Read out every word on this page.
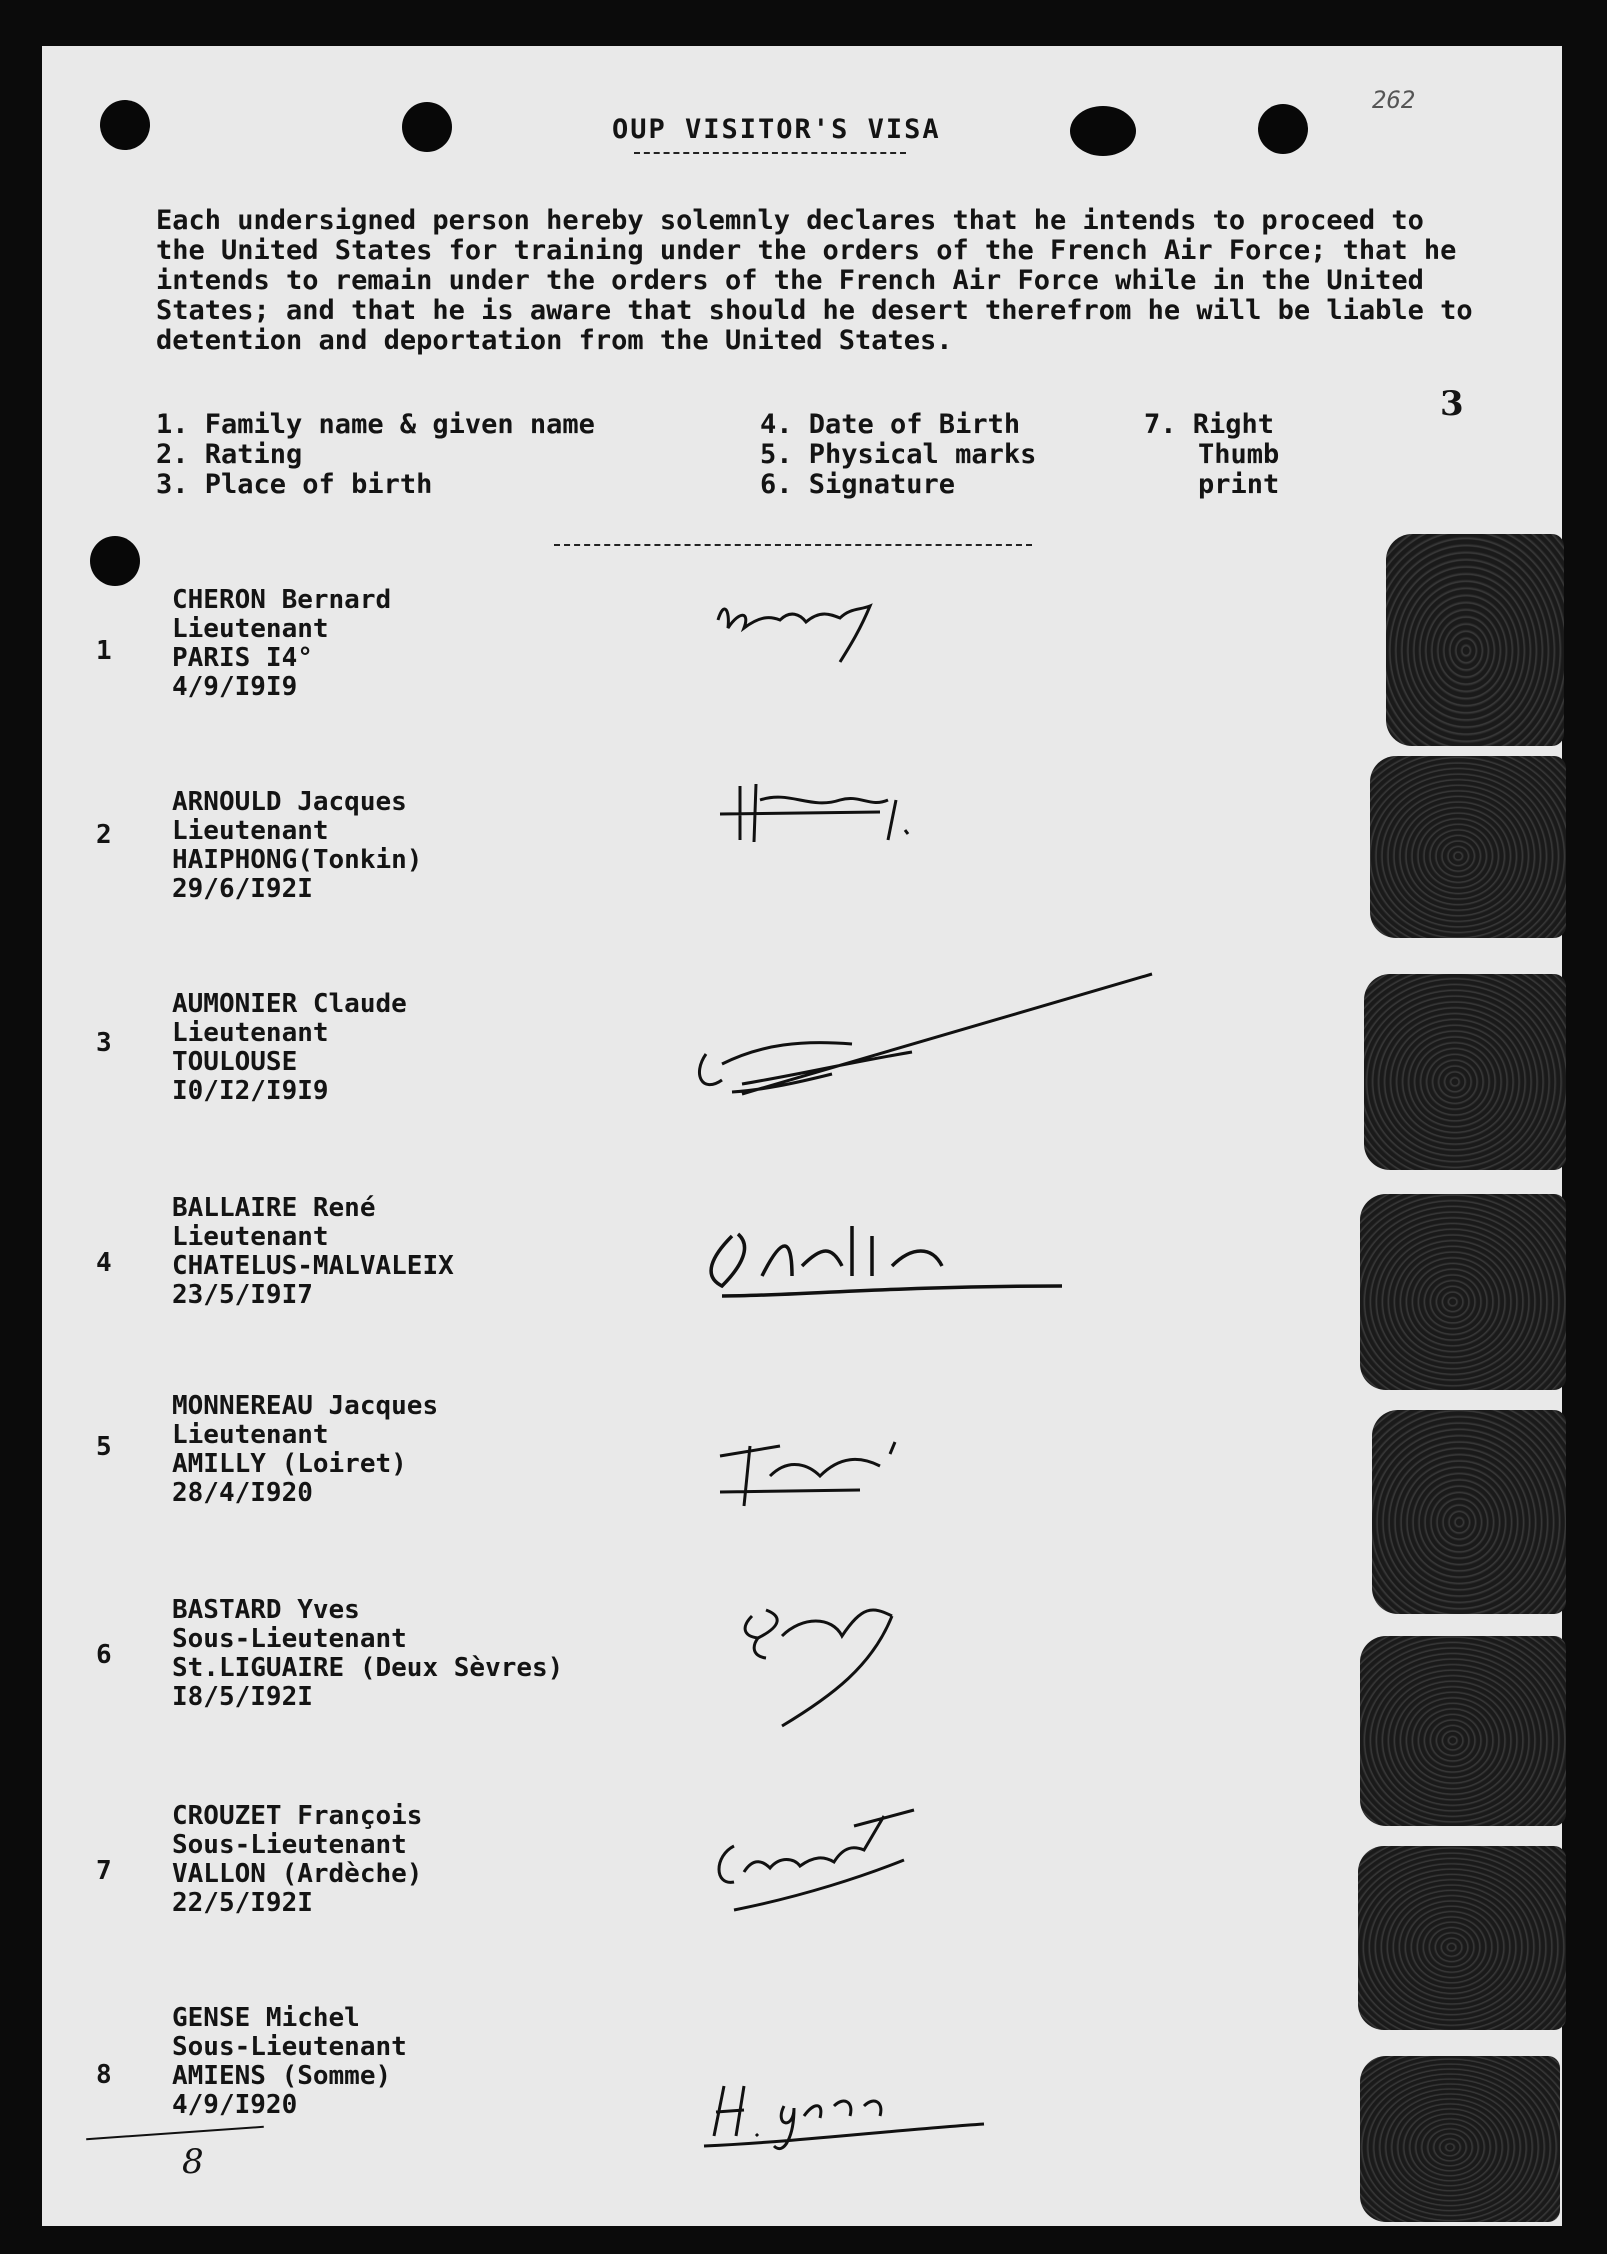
OUP VISITOR'S VISA
262
3
Each undersigned person hereby solemnly declares that he intends to proceed to the United States for training under the orders of the French Air Force; that he intends to remain under the orders of the French Air Force while in the United States; and that he is aware that should he desert therefrom he will be liable to detention and deportation from the United States.
1. Family name & given name
2. Rating
3. Place of birth
4. Date of Birth
5. Physical marks
6. Signature
7. Right
Thumb
print
1
CHERON Bernard
Lieutenant
PARIS I4°
4/9/I9I9
2
ARNOULD Jacques
Lieutenant
HAIPHONG(Tonkin)
29/6/I92I
3
AUMONIER Claude
Lieutenant
TOULOUSE
I0/I2/I9I9
4
BALLAIRE René
Lieutenant
CHATELUS-MALVALEIX
23/5/I9I7
5
MONNEREAU Jacques
Lieutenant
AMILLY (Loiret)
28/4/I920
6
BASTARD Yves
Sous-Lieutenant
St.LIGUAIRE (Deux Sèvres)
I8/5/I92I
7
CROUZET François
Sous-Lieutenant
VALLON (Ardèche)
22/5/I92I
8
GENSE Michel
Sous-Lieutenant
AMIENS (Somme)
4/9/I920
8
